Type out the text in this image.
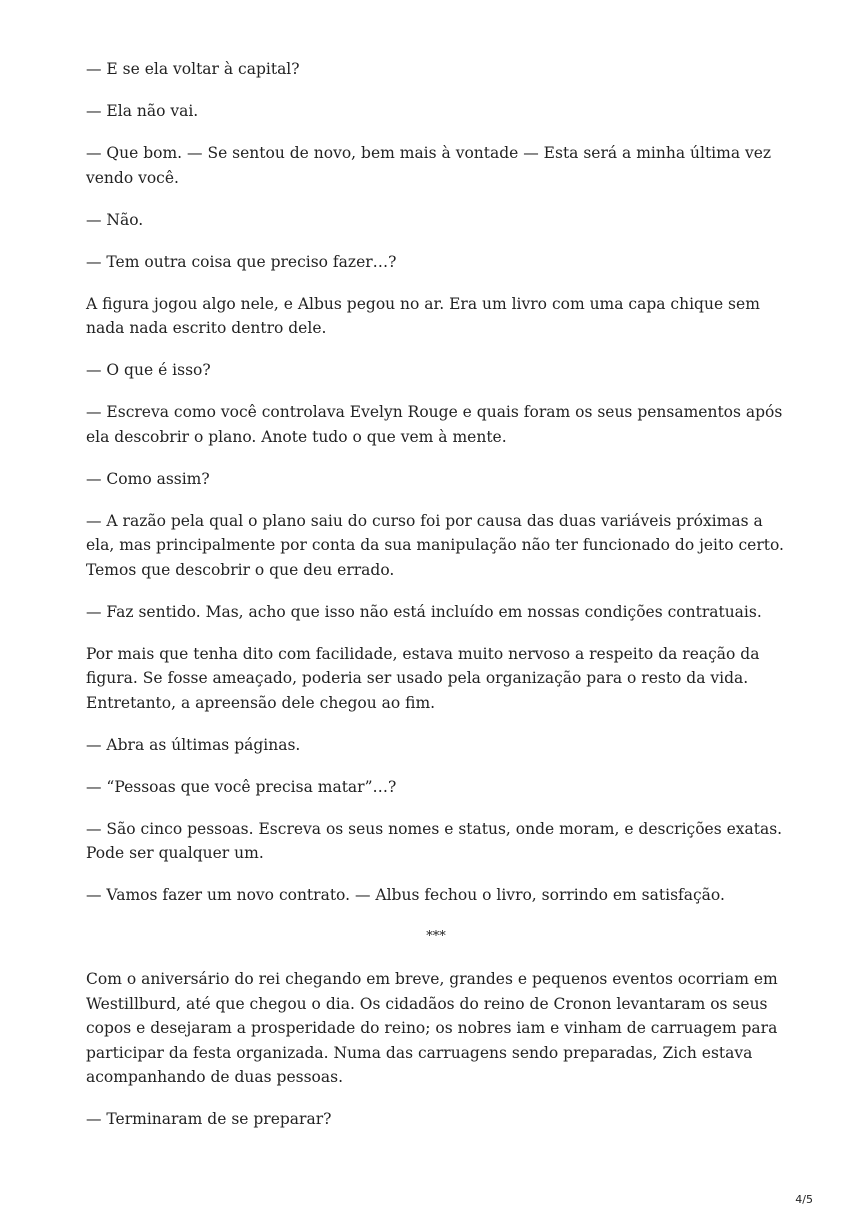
— E se ela voltar à capital?

— Ela não vai.

— Que bom. — Se sentou de novo, bem mais à vontade — Esta será a minha última vez vendo você.

— Não.

— Tem outra coisa que preciso fazer…?

A figura jogou algo nele, e Albus pegou no ar. Era um livro com uma capa chique sem nada nada escrito dentro dele.

— O que é isso?

— Escreva como você controlava Evelyn Rouge e quais foram os seus pensamentos após ela descobrir o plano. Anote tudo o que vem à mente.

— Como assim?

— A razão pela qual o plano saiu do curso foi por causa das duas variáveis próximas a ela, mas principalmente por conta da sua manipulação não ter funcionado do jeito certo. Temos que descobrir o que deu errado.

— Faz sentido. Mas, acho que isso não está incluído em nossas condições contratuais.

Por mais que tenha dito com facilidade, estava muito nervoso a respeito da reação da figura. Se fosse ameaçado, poderia ser usado pela organização para o resto da vida. Entretanto, a apreensão dele chegou ao fim.

— Abra as últimas páginas.

— “Pessoas que você precisa matar”…?

— São cinco pessoas. Escreva os seus nomes e status, onde moram, e descrições exatas. Pode ser qualquer um.

— Vamos fazer um novo contrato. — Albus fechou o livro, sorrindo em satisfação.

***

Com o aniversário do rei chegando em breve, grandes e pequenos eventos ocorriam em Westillburd, até que chegou o dia. Os cidadãos do reino de Cronon levantaram os seus copos e desejaram a prosperidade do reino; os nobres iam e vinham de carruagem para participar da festa organizada. Numa das carruagens sendo preparadas, Zich estava acompanhando de duas pessoas.

— Terminaram de se preparar?

4/5
